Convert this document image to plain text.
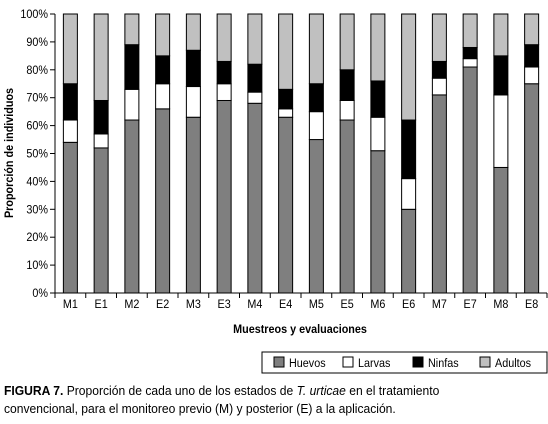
0%
10%
20%
30%
40%
50%
60%
70%
80%
90%
100%
M1 E1 M2 E2 M3 E3 M4 E4 M5 E5 M6 E6 M7 E7 M8 E8
Proporción de individuos
Muestreos y evaluaciones
Huevos	Larvas	Ninfas	Adultos
FIGURA 7. Proporción de cada uno de los estados de T. urticae en el tratamiento convencional, para el monitoreo previo (M) y posterior (E) a la aplicación.
